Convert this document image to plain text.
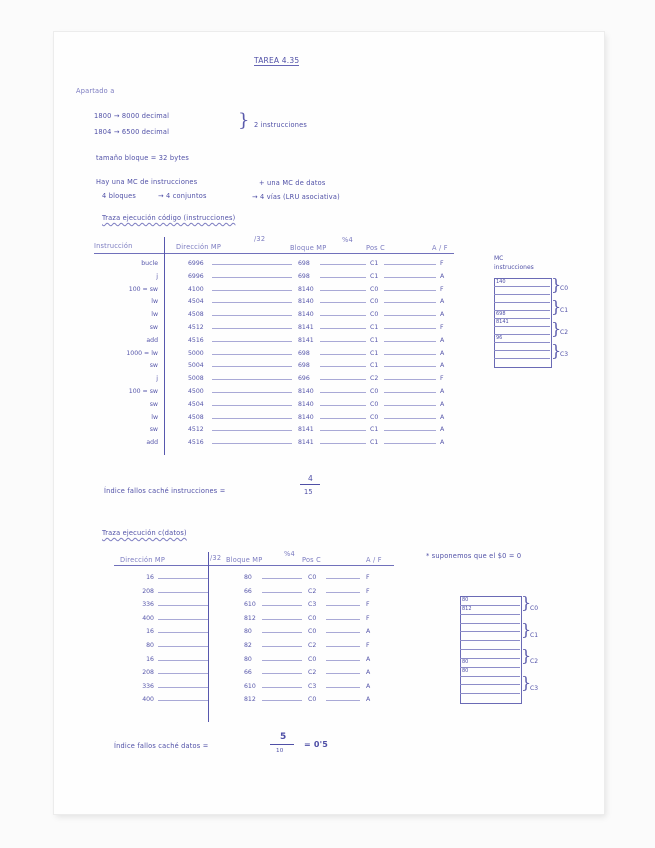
TAREA 4.35
Apartado a
1800 → 8000 decimal
1804 → 6500 decimal
} 2 instrucciones
tamaño bloque = 32 bytes
Hay una MC de instrucciones	+ una MC de datos
4 bloques	→ 4 conjuntos	→ 4 vías (LRU asociativa)
Traza ejecución código (instrucciones)
Instrucción	Dirección MP
/32
Bloque MP
%4
Pos C	A / F
MC instrucciones
Índice fallos caché instrucciones =
4
15
Traza ejecución c(datos)
Dirección MP	/32 Bloque MP
%4
Pos C	A / F	* suponemos que el $0 = 0
Índice fallos caché datos =
5
10
= 0'5
bucle	6996	698	C1	F
j	6996	698	C1	A
100 = sw	4100	8140	C0	F
lw	4504	8140	C0	A
lw	4508	8140	C0	A
sw	4512	8141	C1	F
add	4516	8141	C1	A
1000 = lw	5000	698	C1	A
sw	5004	698	C1	A
j	5008	696	C2	F
100 = sw	4500	8140	C0	A
sw	4504	8140	C0	A
lw	4508	8140	C0	A
sw	4512	8141	C1	A
add	4516	8141	C1	A
16	80	C0	F
208	66	C2	F
336	610	C3	F
400	812	C0	F
16	80	C0	A
80	82	C2	F
16	80	C0	A
208	66	C2	A
336	610	C3	A
400	812	C0	A
140
698
8141
96
}
C0
}
C1
}
C2
}
C3
80
812
80
80
}
C0
}
C1
}
C2
}
C3
